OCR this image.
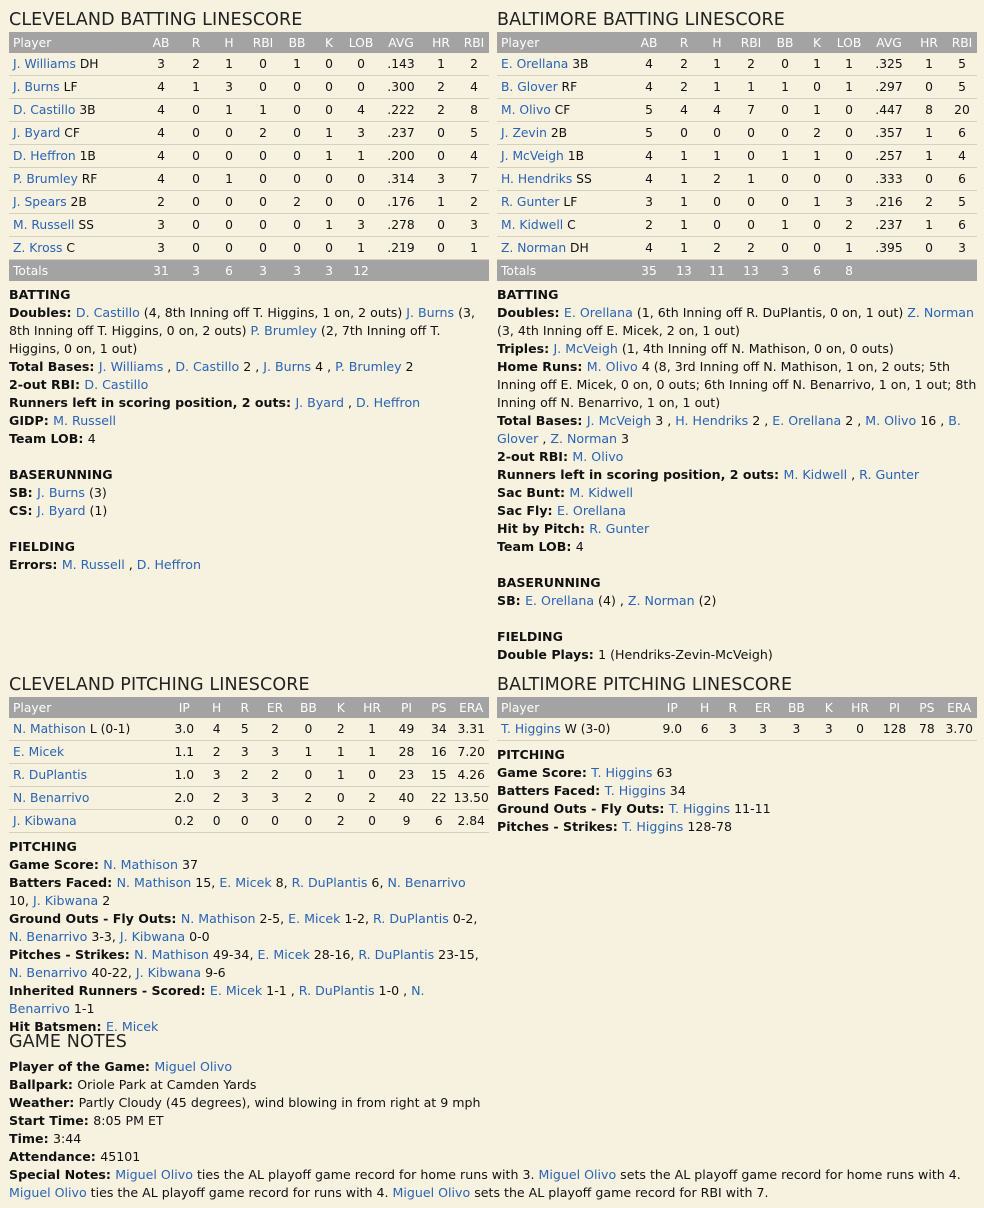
CLEVELAND BATTING LINESCORE
Player	AB	R	H	RBI	BB	K	LOB	AVG	HR	RBI
J. Williams DH	3	2	1	0	1	0	0	.143	1	2
J. Burns LF	4	1	3	0	0	0	0	.300	2	4
D. Castillo 3B	4	0	1	1	0	0	4	.222	2	8
J. Byard CF	4	0	0	2	0	1	3	.237	0	5
D. Heffron 1B	4	0	0	0	0	1	1	.200	0	4
P. Brumley RF	4	0	1	0	0	0	0	.314	3	7
J. Spears 2B	2	0	0	0	2	0	0	.176	1	2
M. Russell SS	3	0	0	0	0	1	3	.278	0	3
Z. Kross C	3	0	0	0	0	0	1	.219	0	1
Totals	31	3	6	3	3	3	12			
BATTING
Doubles: D. Castillo (4, 8th Inning off T. Higgins, 1 on, 2 outs) J. Burns (3, 8th Inning off T. Higgins, 0 on, 2 outs) P. Brumley (2, 7th Inning off T. Higgins, 0 on, 1 out)
Total Bases: J. Williams , D. Castillo 2 , J. Burns 4 , P. Brumley 2
2-out RBI: D. Castillo
Runners left in scoring position, 2 outs: J. Byard , D. Heffron
GIDP: M. Russell
Team LOB: 4
BASERUNNING
SB: J. Burns (3)
CS: J. Byard (1)
FIELDING
Errors: M. Russell , D. Heffron
BALTIMORE BATTING LINESCORE
Player	AB	R	H	RBI	BB	K	LOB	AVG	HR	RBI
E. Orellana 3B	4	2	1	2	0	1	1	.325	1	5
B. Glover RF	4	2	1	1	1	0	1	.297	0	5
M. Olivo CF	5	4	4	7	0	1	0	.447	8	20
J. Zevin 2B	5	0	0	0	0	2	0	.357	1	6
J. McVeigh 1B	4	1	1	0	1	1	0	.257	1	4
H. Hendriks SS	4	1	2	1	0	0	0	.333	0	6
R. Gunter LF	3	1	0	0	0	1	3	.216	2	5
M. Kidwell C	2	1	0	0	1	0	2	.237	1	6
Z. Norman DH	4	1	2	2	0	0	1	.395	0	3
Totals	35	13	11	13	3	6	8			
BATTING
Doubles: E. Orellana (1, 6th Inning off R. DuPlantis, 0 on, 1 out) Z. Norman (3, 4th Inning off E. Micek, 2 on, 1 out)
Triples: J. McVeigh (1, 4th Inning off N. Mathison, 0 on, 0 outs)
Home Runs: M. Olivo 4 (8, 3rd Inning off N. Mathison, 1 on, 2 outs; 5th Inning off E. Micek, 0 on, 0 outs; 6th Inning off N. Benarrivo, 1 on, 1 out; 8th Inning off N. Benarrivo, 1 on, 1 out)
Total Bases: J. McVeigh 3 , H. Hendriks 2 , E. Orellana 2 , M. Olivo 16 , B. Glover , Z. Norman 3
2-out RBI: M. Olivo
Runners left in scoring position, 2 outs: M. Kidwell , R. Gunter
Sac Bunt: M. Kidwell
Sac Fly: E. Orellana
Hit by Pitch: R. Gunter
Team LOB: 4
BASERUNNING
SB: E. Orellana (4) , Z. Norman (2)
FIELDING
Double Plays: 1 (Hendriks-Zevin-McVeigh)
CLEVELAND PITCHING LINESCORE
Player	IP	H	R	ER	BB	K	HR	PI	PS	ERA
N. Mathison L (0-1)	3.0	4	5	2	0	2	1	49	34	3.31
E. Micek	1.1	2	3	3	1	1	1	28	16	7.20
R. DuPlantis	1.0	3	2	2	0	1	0	23	15	4.26
N. Benarrivo	2.0	2	3	3	2	0	2	40	22	13.50
J. Kibwana	0.2	0	0	0	0	2	0	9	6	2.84
PITCHING
Game Score: N. Mathison 37
Batters Faced: N. Mathison 15, E. Micek 8, R. DuPlantis 6, N. Benarrivo 10, J. Kibwana 2
Ground Outs - Fly Outs: N. Mathison 2-5, E. Micek 1-2, R. DuPlantis 0-2, N. Benarrivo 3-3, J. Kibwana 0-0
Pitches - Strikes: N. Mathison 49-34, E. Micek 28-16, R. DuPlantis 23-15, N. Benarrivo 40-22, J. Kibwana 9-6
Inherited Runners - Scored: E. Micek 1-1 , R. DuPlantis 1-0 , N. Benarrivo 1-1
Hit Batsmen: E. Micek
BALTIMORE PITCHING LINESCORE
Player	IP	H	R	ER	BB	K	HR	PI	PS	ERA
T. Higgins W (3-0)	9.0	6	3	3	3	3	0	128	78	3.70
PITCHING
Game Score: T. Higgins 63
Batters Faced: T. Higgins 34
Ground Outs - Fly Outs: T. Higgins 11-11
Pitches - Strikes: T. Higgins 128-78
GAME NOTES
Player of the Game: Miguel Olivo
Ballpark: Oriole Park at Camden Yards
Weather: Partly Cloudy (45 degrees), wind blowing in from right at 9 mph
Start Time: 8:05 PM ET
Time: 3:44
Attendance: 45101
Special Notes: Miguel Olivo ties the AL playoff game record for home runs with 3. Miguel Olivo sets the AL playoff game record for home runs with 4. Miguel Olivo ties the AL playoff game record for runs with 4. Miguel Olivo sets the AL playoff game record for RBI with 7.
